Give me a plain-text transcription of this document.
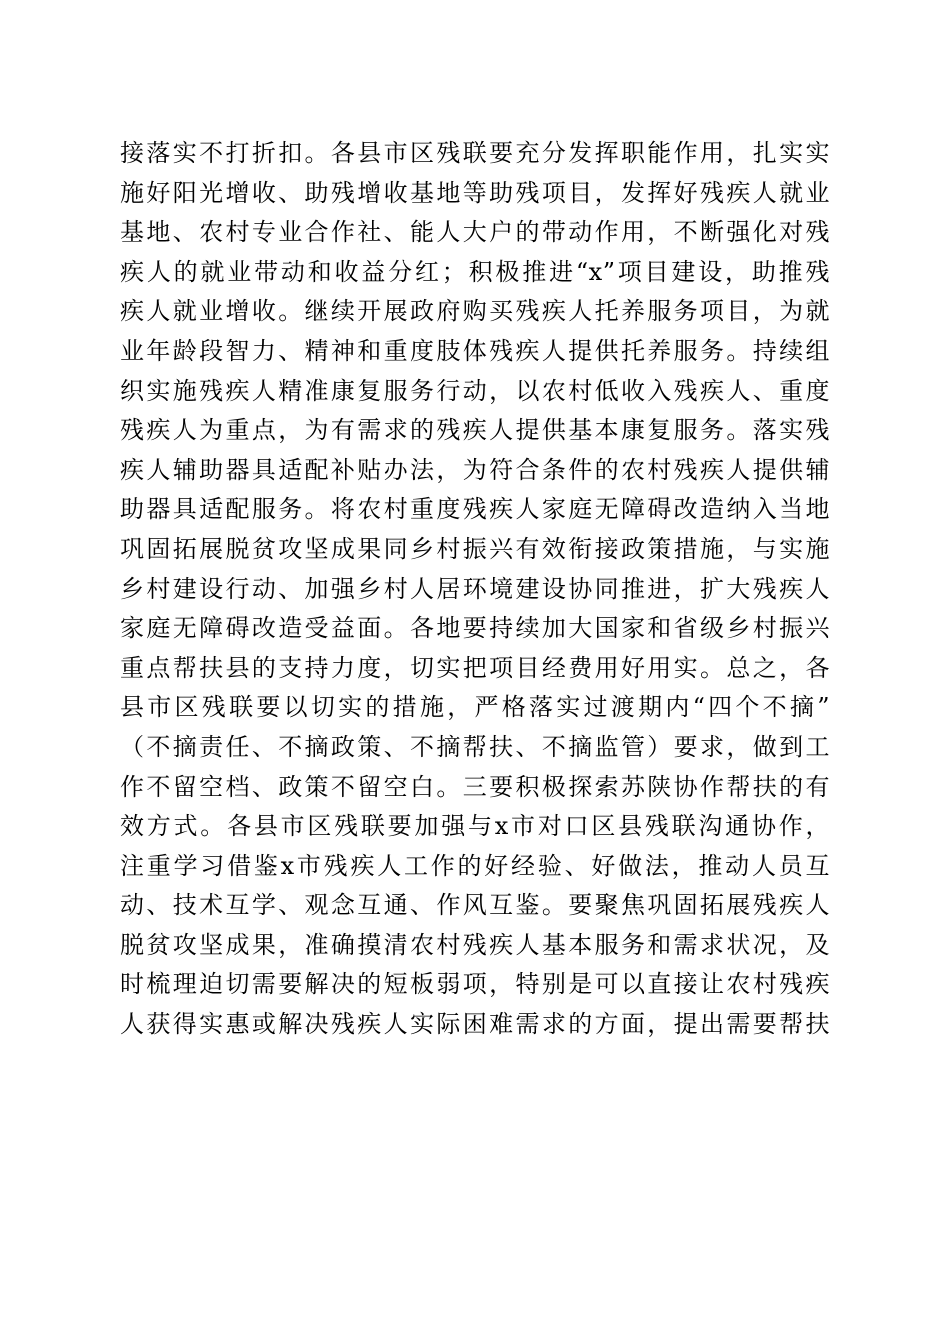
接落实不打折扣。各县市区残联要充分发挥职能作用，扎实实
施好阳光增收、助残增收基地等助残项目，发挥好残疾人就业
基地、农村专业合作社、能人大户的带动作用，不断强化对残
疾人的就业带动和收益分红；积极推进“x”项目建设，助推残
疾人就业增收。继续开展政府购买残疾人托养服务项目，为就
业年龄段智力、精神和重度肢体残疾人提供托养服务。持续组
织实施残疾人精准康复服务行动，以农村低收入残疾人、重度
残疾人为重点，为有需求的残疾人提供基本康复服务。落实残
疾人辅助器具适配补贴办法，为符合条件的农村残疾人提供辅
助器具适配服务。将农村重度残疾人家庭无障碍改造纳入当地
巩固拓展脱贫攻坚成果同乡村振兴有效衔接政策措施，与实施
乡村建设行动、加强乡村人居环境建设协同推进，扩大残疾人
家庭无障碍改造受益面。各地要持续加大国家和省级乡村振兴
重点帮扶县的支持力度，切实把项目经费用好用实。总之，各
县市区残联要以切实的措施，严格落实过渡期内“四个不摘”
（不摘责任、不摘政策、不摘帮扶、不摘监管）要求，做到工
作不留空档、政策不留空白。三要积极探索苏陕协作帮扶的有
效方式。各县市区残联要加强与x市对口区县残联沟通协作，
注重学习借鉴x市残疾人工作的好经验、好做法，推动人员互
动、技术互学、观念互通、作风互鉴。要聚焦巩固拓展残疾人
脱贫攻坚成果，准确摸清农村残疾人基本服务和需求状况，及
时梳理迫切需要解决的短板弱项，特别是可以直接让农村残疾
人获得实惠或解决残疾人实际困难需求的方面，提出需要帮扶
